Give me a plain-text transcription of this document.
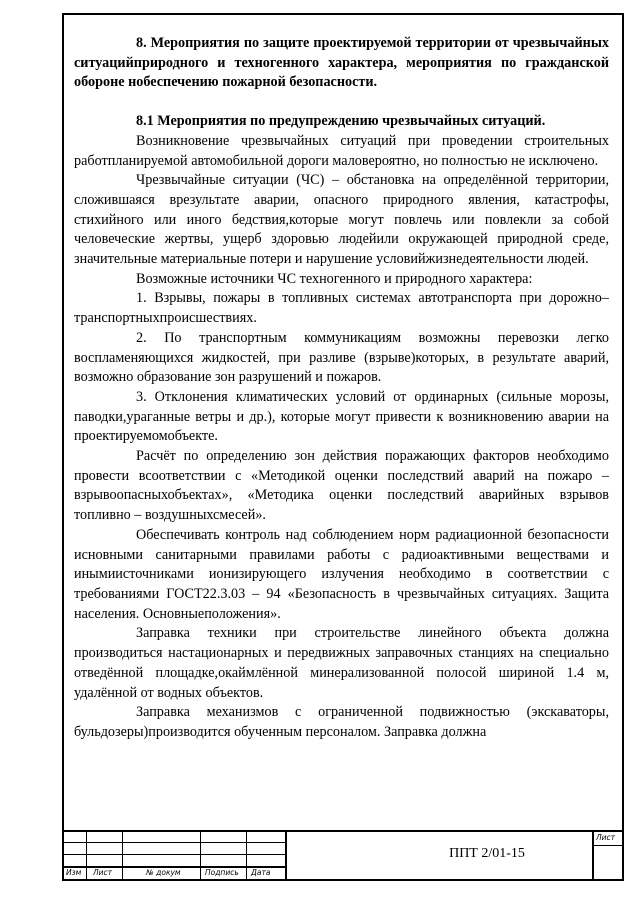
8. Мероприятия по защите проектируемой территории от чрезвычайных ситуацийприродного и техногенного характера, мероприятия по гражданской обороне нобеспечению пожарной безопасности.

8.1 Мероприятия по предупреждению чрезвычайных ситуаций.

Возникновение чрезвычайных ситуаций при проведении строительных работпланируемой автомобильной дороги маловероятно, но полностью не исключено.

Чрезвычайные ситуации (ЧС) – обстановка на определённой территории, сложившаяся врезультате аварии, опасного природного явления, катастрофы, стихийного или иного бедствия,которые могут повлечь или повлекли за собой человеческие жертвы, ущерб здоровью людейили окружающей природной среде, значительные материальные потери и нарушение условийжизнедеятельности людей.

Возможные источники ЧС техногенного и природного характера:

1. Взрывы, пожары в топливных системах автотранспорта при дорожно–транспортныхпроисшествиях.

2. По транспортным коммуникациям возможны перевозки легко воспламеняющихся жидкостей, при разливе (взрыве)которых, в результате аварий, возможно образование зон разрушений и пожаров.

3. Отклонения климатических условий от ординарных (сильные морозы, паводки,ураганные ветры и др.), которые могут привести к возникновению аварии на проектируемомобъекте.

Расчёт по определению зон действия поражающих факторов необходимо провести всоответствии с «Методикой оценки последствий аварий на пожаро – взрывоопасныхобъектах», «Методика оценки последствий аварийных взрывов топливно – воздушныхсмесей».

Обеспечивать контроль над соблюдением норм радиационной безопасности исновными санитарными правилами работы с радиоактивными веществами и инымиисточниками ионизирующего излучения необходимо в соответствии с требованиями ГОСТ22.3.03 – 94 «Безопасность в чрезвычайных ситуациях. Защита населения. Основныеположения».

Заправка техники при строительстве линейного объекта должна производиться настационарных и передвижных заправочных станциях на специально отведённой площадке,окаймлённой минерализованной полосой шириной 1.4 м, удалённой от водных объектов.

Заправка механизмов с ограниченной подвижностью (экскаваторы, бульдозеры)производится обученным персоналом. Заправка должна

Изм Лист	№ докум	Подпись Дата
Лист
ППТ 2/01-15
